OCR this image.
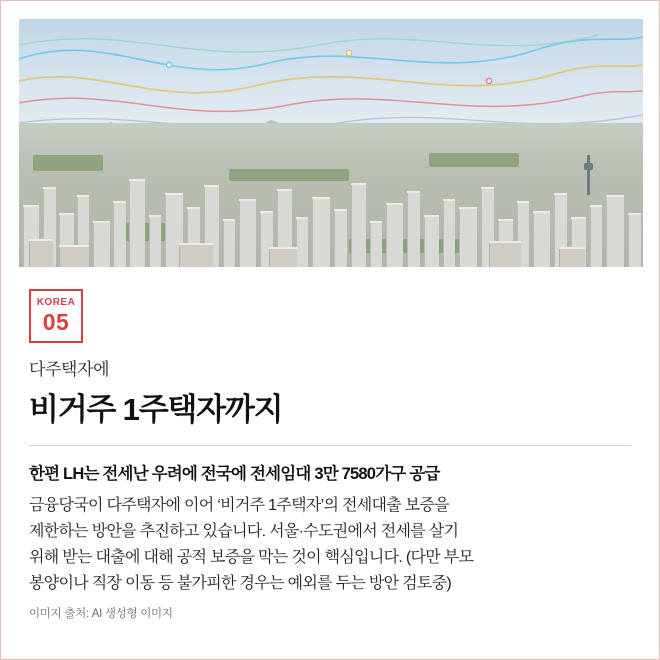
KOREA
05
다주택자에
비거주 1주택자까지
한편 LH는 전세난 우려에 전국에 전세임대 3만 7580가구 공급

금융당국이 다주택자에 이어 ‘비거주 1주택자’의 전세대출 보증을

제한하는 방안을 추진하고 있습니다. 서울·수도권에서 전세를 살기

위해 받는 대출에 대해 공적 보증을 막는 것이 핵심입니다. (다만 부모

봉양이나 직장 이동 등 불가피한 경우는 예외를 두는 방안 검토중)

이미지 출처: AI 생성형 이미지
